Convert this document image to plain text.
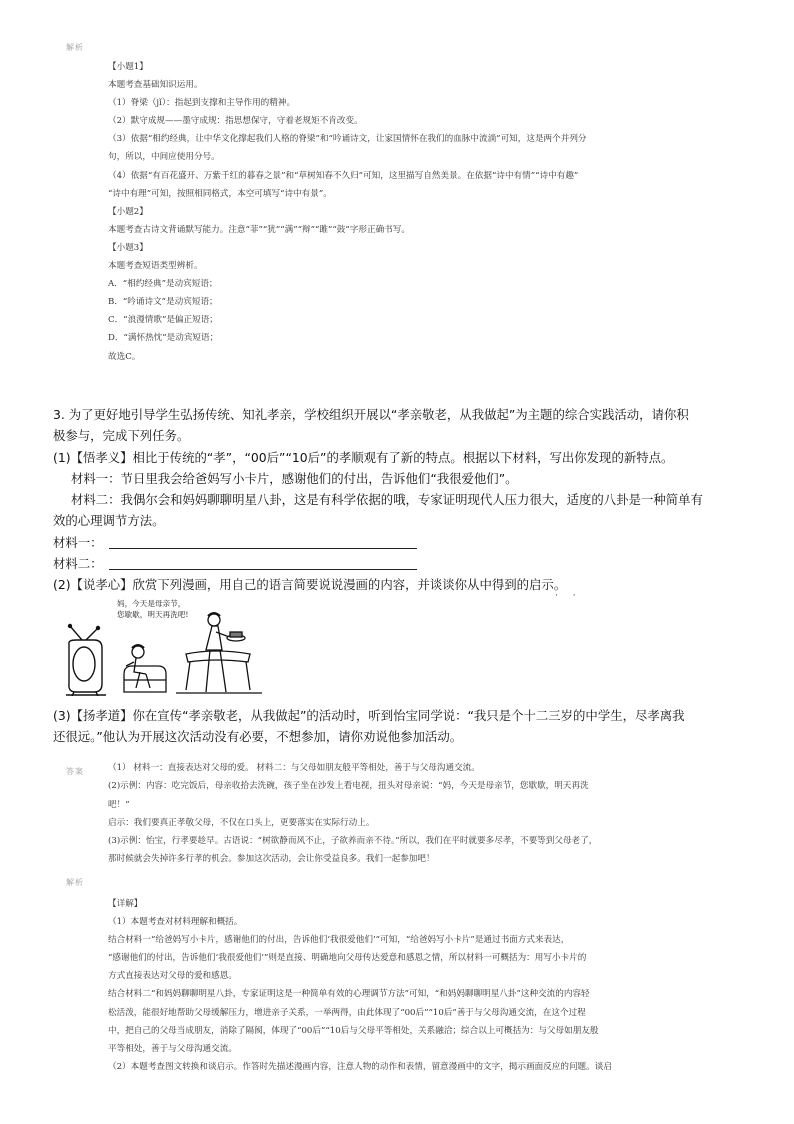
解析
【小题1】
本题考查基础知识运用。
（1）脊梁（jǐ）：指起到支撑和主导作用的精神。
（2）默守成规——墨守成规：指思想保守，守着老规矩不肯改变。
（3）依据“相约经典，让中华文化撑起我们人格的脊梁”和“吟诵诗文，让家国情怀在我们的血脉中流淌”可知，这是两个并列分
句，所以，中间应使用分号。
（4）依据“有百花盛开、万紫千红的暮春之景”和“草树知春不久归”可知，这里描写自然美景。在依据“诗中有情”“诗中有趣”
“诗中有理”可知，按照相同格式，本空可填写“诗中有景”。
【小题2】
本题考查古诗文背诵默写能力。注意“菲”“犹”“满”“辩”“雎”“鼓”字形正确书写。
【小题3】
本题考查短语类型辨析。
A．“相约经典”是动宾短语；
B．“吟诵诗文”是动宾短语；
C．“浪漫情歌”是偏正短语；
D．“满怀热忱”是动宾短语；
故选C。
3. 为了更好地引导学生弘扬传统、知礼孝亲，学校组织开展以“孝亲敬老，从我做起”为主题的综合实践活动，请你积
极参与，完成下列任务。
(1)【悟孝义】相比于传统的“孝”，“00后”“10后”的孝顺观有了新的特点。根据以下材料，写出你发现的新特点。
材料一：节日里我会给爸妈写小卡片，感谢他们的付出，告诉他们“我很爱他们”。
材料二：我偶尔会和妈妈聊聊明星八卦，这是有科学依据的哦，专家证明现代人压力很大，适度的八卦是一种简单有
效的心理调节方法。
材料一：
材料二：
(2)【说孝心】欣赏下列漫画，用自己的语言简要说说漫画的内容，并谈谈你从中得到的启示。
· ·
妈，今天是母亲节，
您歇歇，明天再洗吧!
(3)【扬孝道】你在宣传“孝亲敬老，从我做起”的活动时，听到怡宝同学说：“我只是个十二三岁的中学生，尽孝离我
还很远。”他认为开展这次活动没有必要，不想参加，请你劝说他参加活动。
答案	（1） 材料一：直接表达对父母的爱。 材料二：与父母如朋友般平等相处，善于与父母沟通交流。
(2)示例：内容：吃完饭后，母亲收拾去洗碗，孩子坐在沙发上看电视，扭头对母亲说：“妈，今天是母亲节，您歇歇，明天再洗
吧！”
启示：我们要真正孝敬父母，不仅在口头上，更要落实在实际行动上。
(3)示例：怡宝，行孝要趁早。古语说：“树欲静而风不止，子欲养而亲不待。”所以，我们在平时就要多尽孝，不要等到父母老了，
那时候就会失掉许多行孝的机会。参加这次活动，会让你受益良多。我们一起参加吧！
解析
【详解】
（1）本题考查对材料理解和概括。
结合材料一“给爸妈写小卡片，感谢他们的付出，告诉他们‘我很爱他们’”可知，“给爸妈写小卡片”是通过书面方式来表达，
“感谢他们的付出，告诉他们‘我很爱他们’”则是直接、明确地向父母传达爱意和感恩之情，所以材料一可概括为：用写小卡片的
方式直接表达对父母的爱和感恩。
结合材料二“和妈妈聊聊明星八卦，专家证明这是一种简单有效的心理调节方法”可知，“和妈妈聊聊明星八卦”这种交流的内容轻
松活泼，能很好地帮助父母缓解压力，增进亲子关系，一举两得，由此体现了“00后”“10后”善于与父母沟通交流，在这个过程
中，把自己的父母当成朋友，消除了隔阂，体现了“00后”“10后与父母平等相处，关系融洽；综合以上可概括为：与父母如朋友般
平等相处，善于与父母沟通交流。
（2）本题考查图文转换和谈启示。作答时先描述漫画内容，注意人物的动作和表情，留意漫画中的文字，揭示画面反应的问题。谈启
